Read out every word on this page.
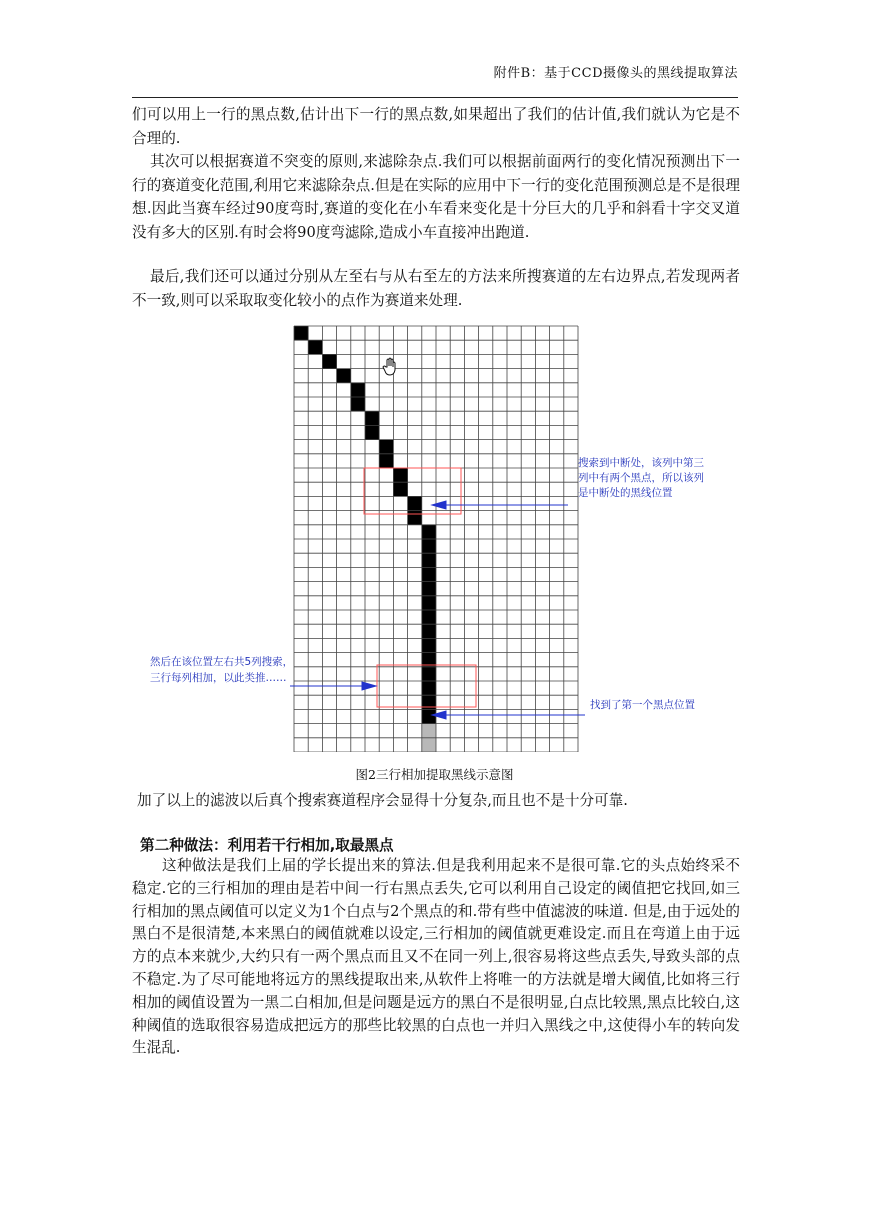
附件B：基于CCD摄像头的黑线提取算法
们可以用上一行的黑点数,估计出下一行的黑点数,如果超出了我们的估计值,我们就认为它是不合理的.
其次可以根据赛道不突变的原则,来滤除杂点.我们可以根据前面两行的变化情况预测出下一行的赛道变化范围,利用它来滤除杂点.但是在实际的应用中下一行的变化范围预测总是不是很理想.因此当赛车经过90度弯时,赛道的变化在小车看来变化是十分巨大的几乎和斜看十字交叉道没有多大的区别.有时会将90度弯滤除,造成小车直接冲出跑道.
最后,我们还可以通过分别从左至右与从右至左的方法来所搜赛道的左右边界点,若发现两者不一致,则可以采取取变化较小的点作为赛道来处理.
搜索到中断处，该列中第三
列中有两个黑点，所以该列
是中断处的黑线位置
然后在该位置左右共5列搜索，
三行每列相加，以此类推……
找到了第一个黑点位置
图2三行相加提取黑线示意图
加了以上的滤波以后真个搜索赛道程序会显得十分复杂,而且也不是十分可靠.
第二种做法：利用若干行相加,取最黑点
这种做法是我们上届的学长提出来的算法.但是我利用起来不是很可靠.它的头点始终采不稳定.它的三行相加的理由是若中间一行右黑点丢失,它可以利用自己设定的阈值把它找回,如三行相加的黑点阈值可以定义为1个白点与2个黑点的和.带有些中值滤波的味道. 但是,由于远处的黑白不是很清楚,本来黑白的阈值就难以设定,三行相加的阈值就更难设定.而且在弯道上由于远方的点本来就少,大约只有一两个黑点而且又不在同一列上,很容易将这些点丢失,导致头部的点不稳定.为了尽可能地将远方的黑线提取出来,从软件上将唯一的方法就是增大阈值,比如将三行相加的阈值设置为一黑二白相加,但是问题是远方的黑白不是很明显,白点比较黑,黑点比较白,这种阈值的选取很容易造成把远方的那些比较黑的白点也一并归入黑线之中,这使得小车的转向发生混乱.
